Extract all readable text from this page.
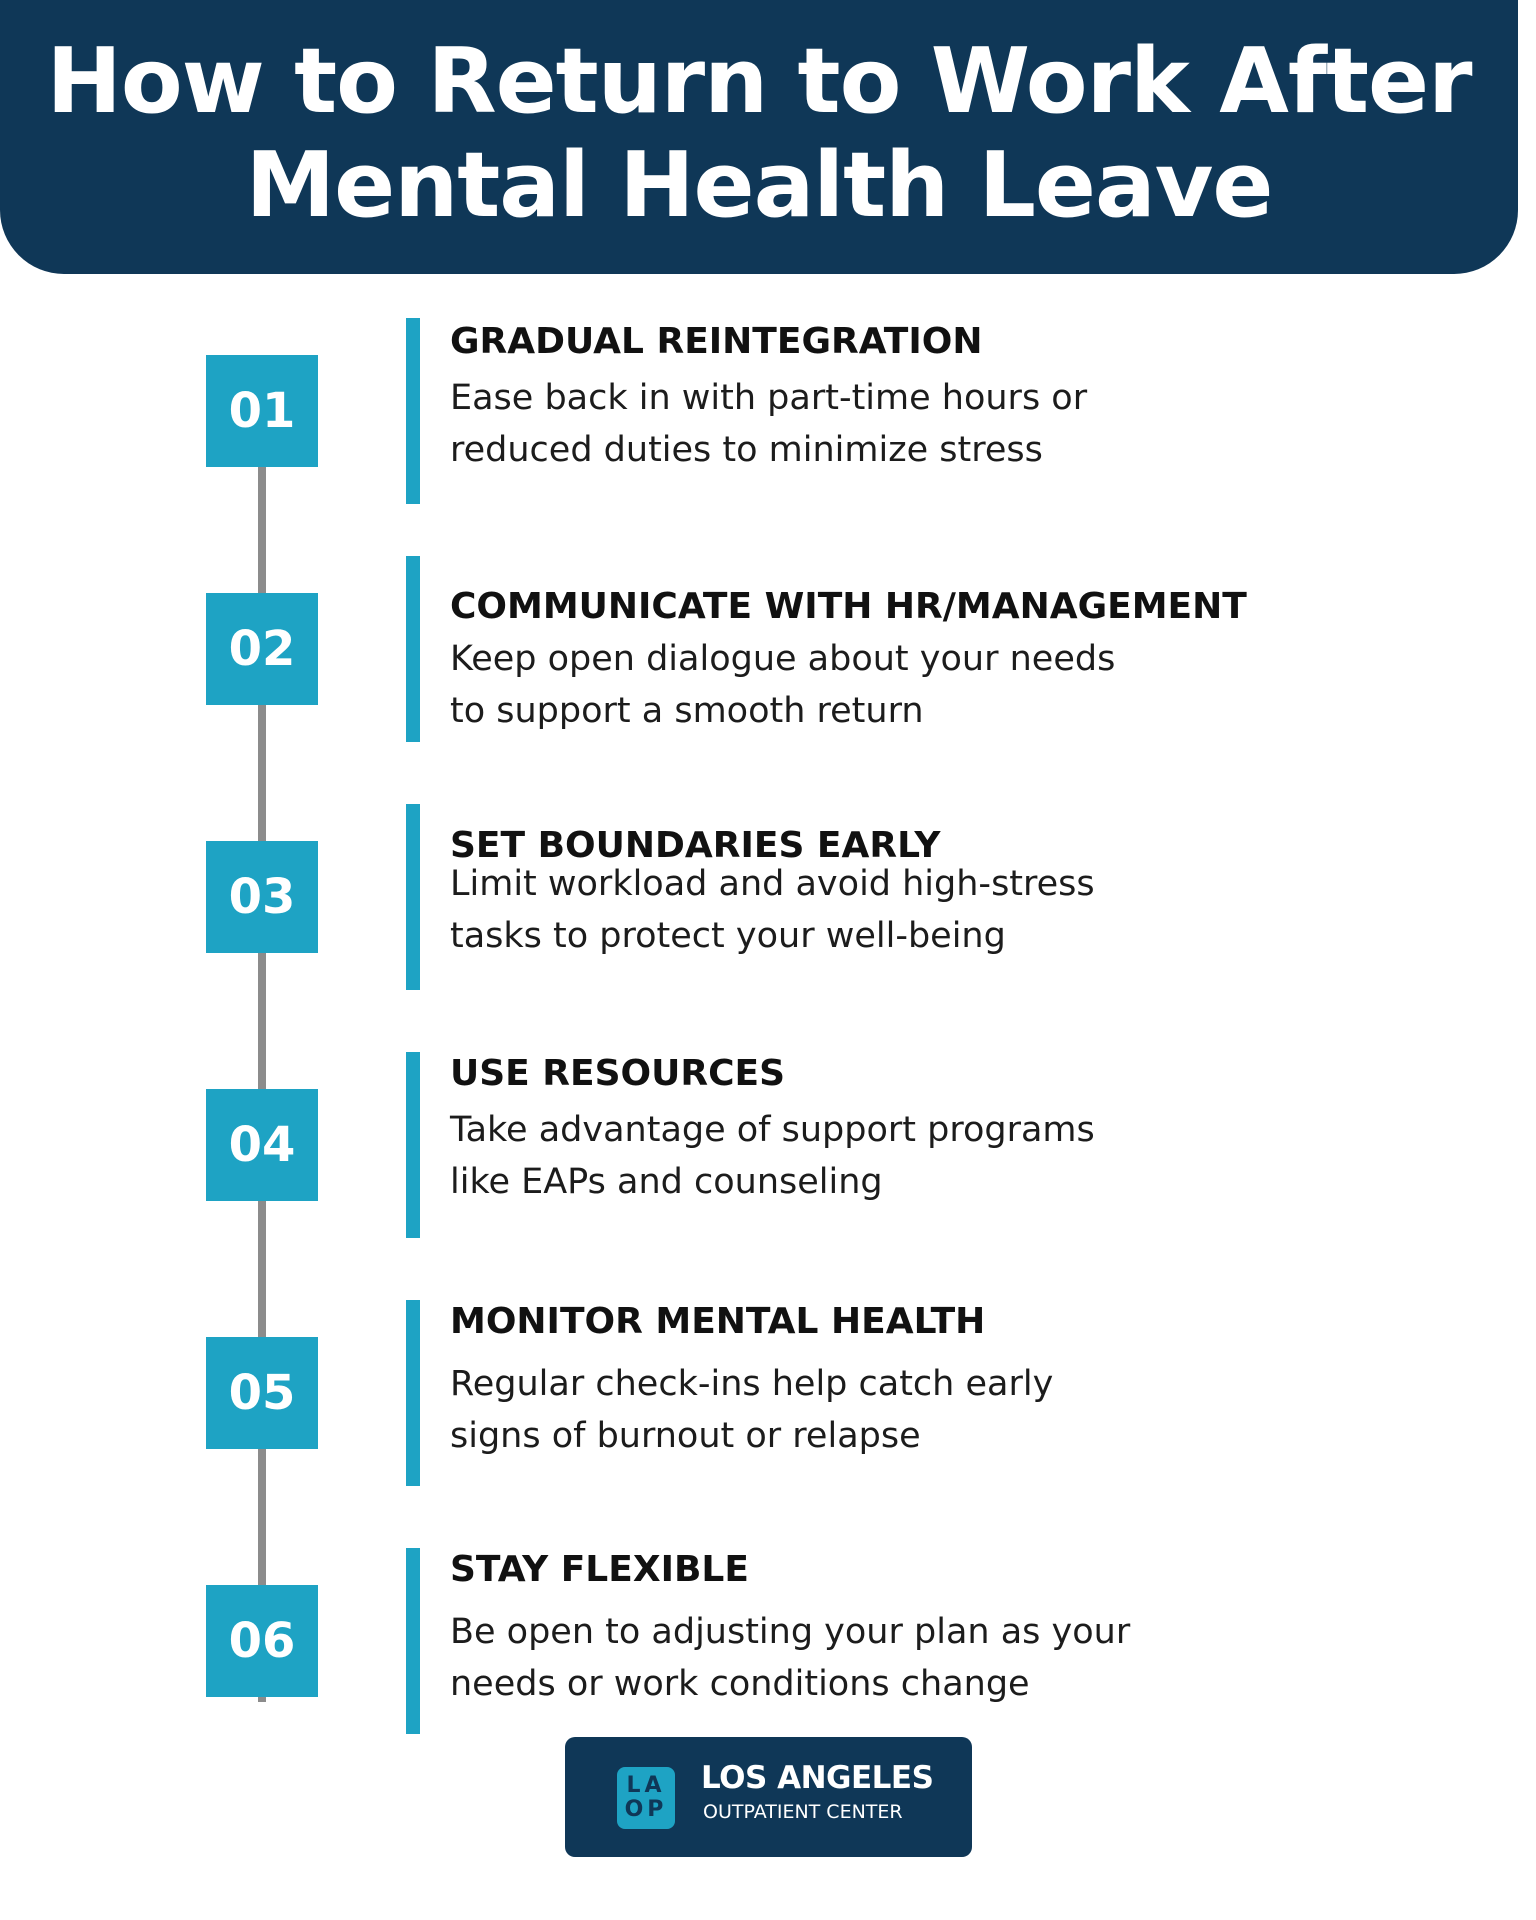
How to Return to Work After
Mental Health Leave
01
GRADUAL REINTEGRATION
Ease back in with part-time hours or
reduced duties to minimize stress
02
COMMUNICATE WITH HR/MANAGEMENT
Keep open dialogue about your needs
to support a smooth return
03
SET BOUNDARIES EARLY
Limit workload and avoid high-stress
tasks to protect your well-being
04
USE RESOURCES
Take advantage of support programs
like EAPs and counseling
05
MONITOR MENTAL HEALTH
Regular check-ins help catch early
signs of burnout or relapse
06
STAY FLEXIBLE
Be open to adjusting your plan as your
needs or work conditions change
LA
OP
LOS ANGELES
OUTPATIENT CENTER
